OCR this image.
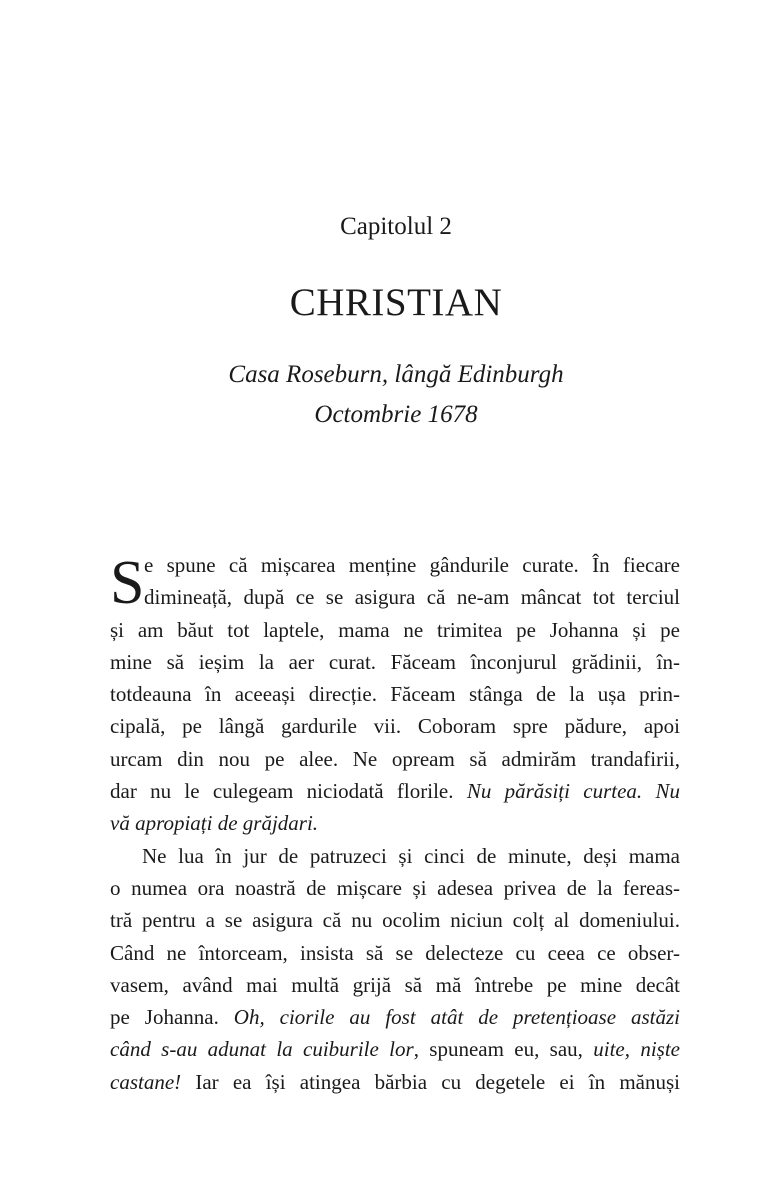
Capitolul 2
CHRISTIAN
Casa Roseburn, lângă Edinburgh
Octombrie 1678
S e spune că mișcarea menține gândurile curate. În fiecare
dimineață, după ce se asigura că ne-am mâncat tot terciul
și am băut tot laptele, mama ne trimitea pe Johanna și pe
mine să ieșim la aer curat. Făceam înconjurul grădinii, în-
totdeauna în aceeași direcție. Făceam stânga de la ușa prin-
cipală, pe lângă gardurile vii. Coboram spre pădure, apoi
urcam din nou pe alee. Ne opream să admirăm trandafirii,
dar nu le culegeam niciodată florile. Nu părăsiți curtea. Nu
vă apropiați de grăjdari.
Ne lua în jur de patruzeci și cinci de minute, deși mama
o numea ora noastră de mișcare și adesea privea de la fereas-
tră pentru a se asigura că nu ocolim niciun colț al domeniului.
Când ne întorceam, insista să se delecteze cu ceea ce obser-
vasem, având mai multă grijă să mă întrebe pe mine decât
pe Johanna. Oh, ciorile au fost atât de pretențioase astăzi
când s-au adunat la cuiburile lor, spuneam eu, sau, uite, niște
castane! Iar ea își atingea bărbia cu degetele ei în mănuși
